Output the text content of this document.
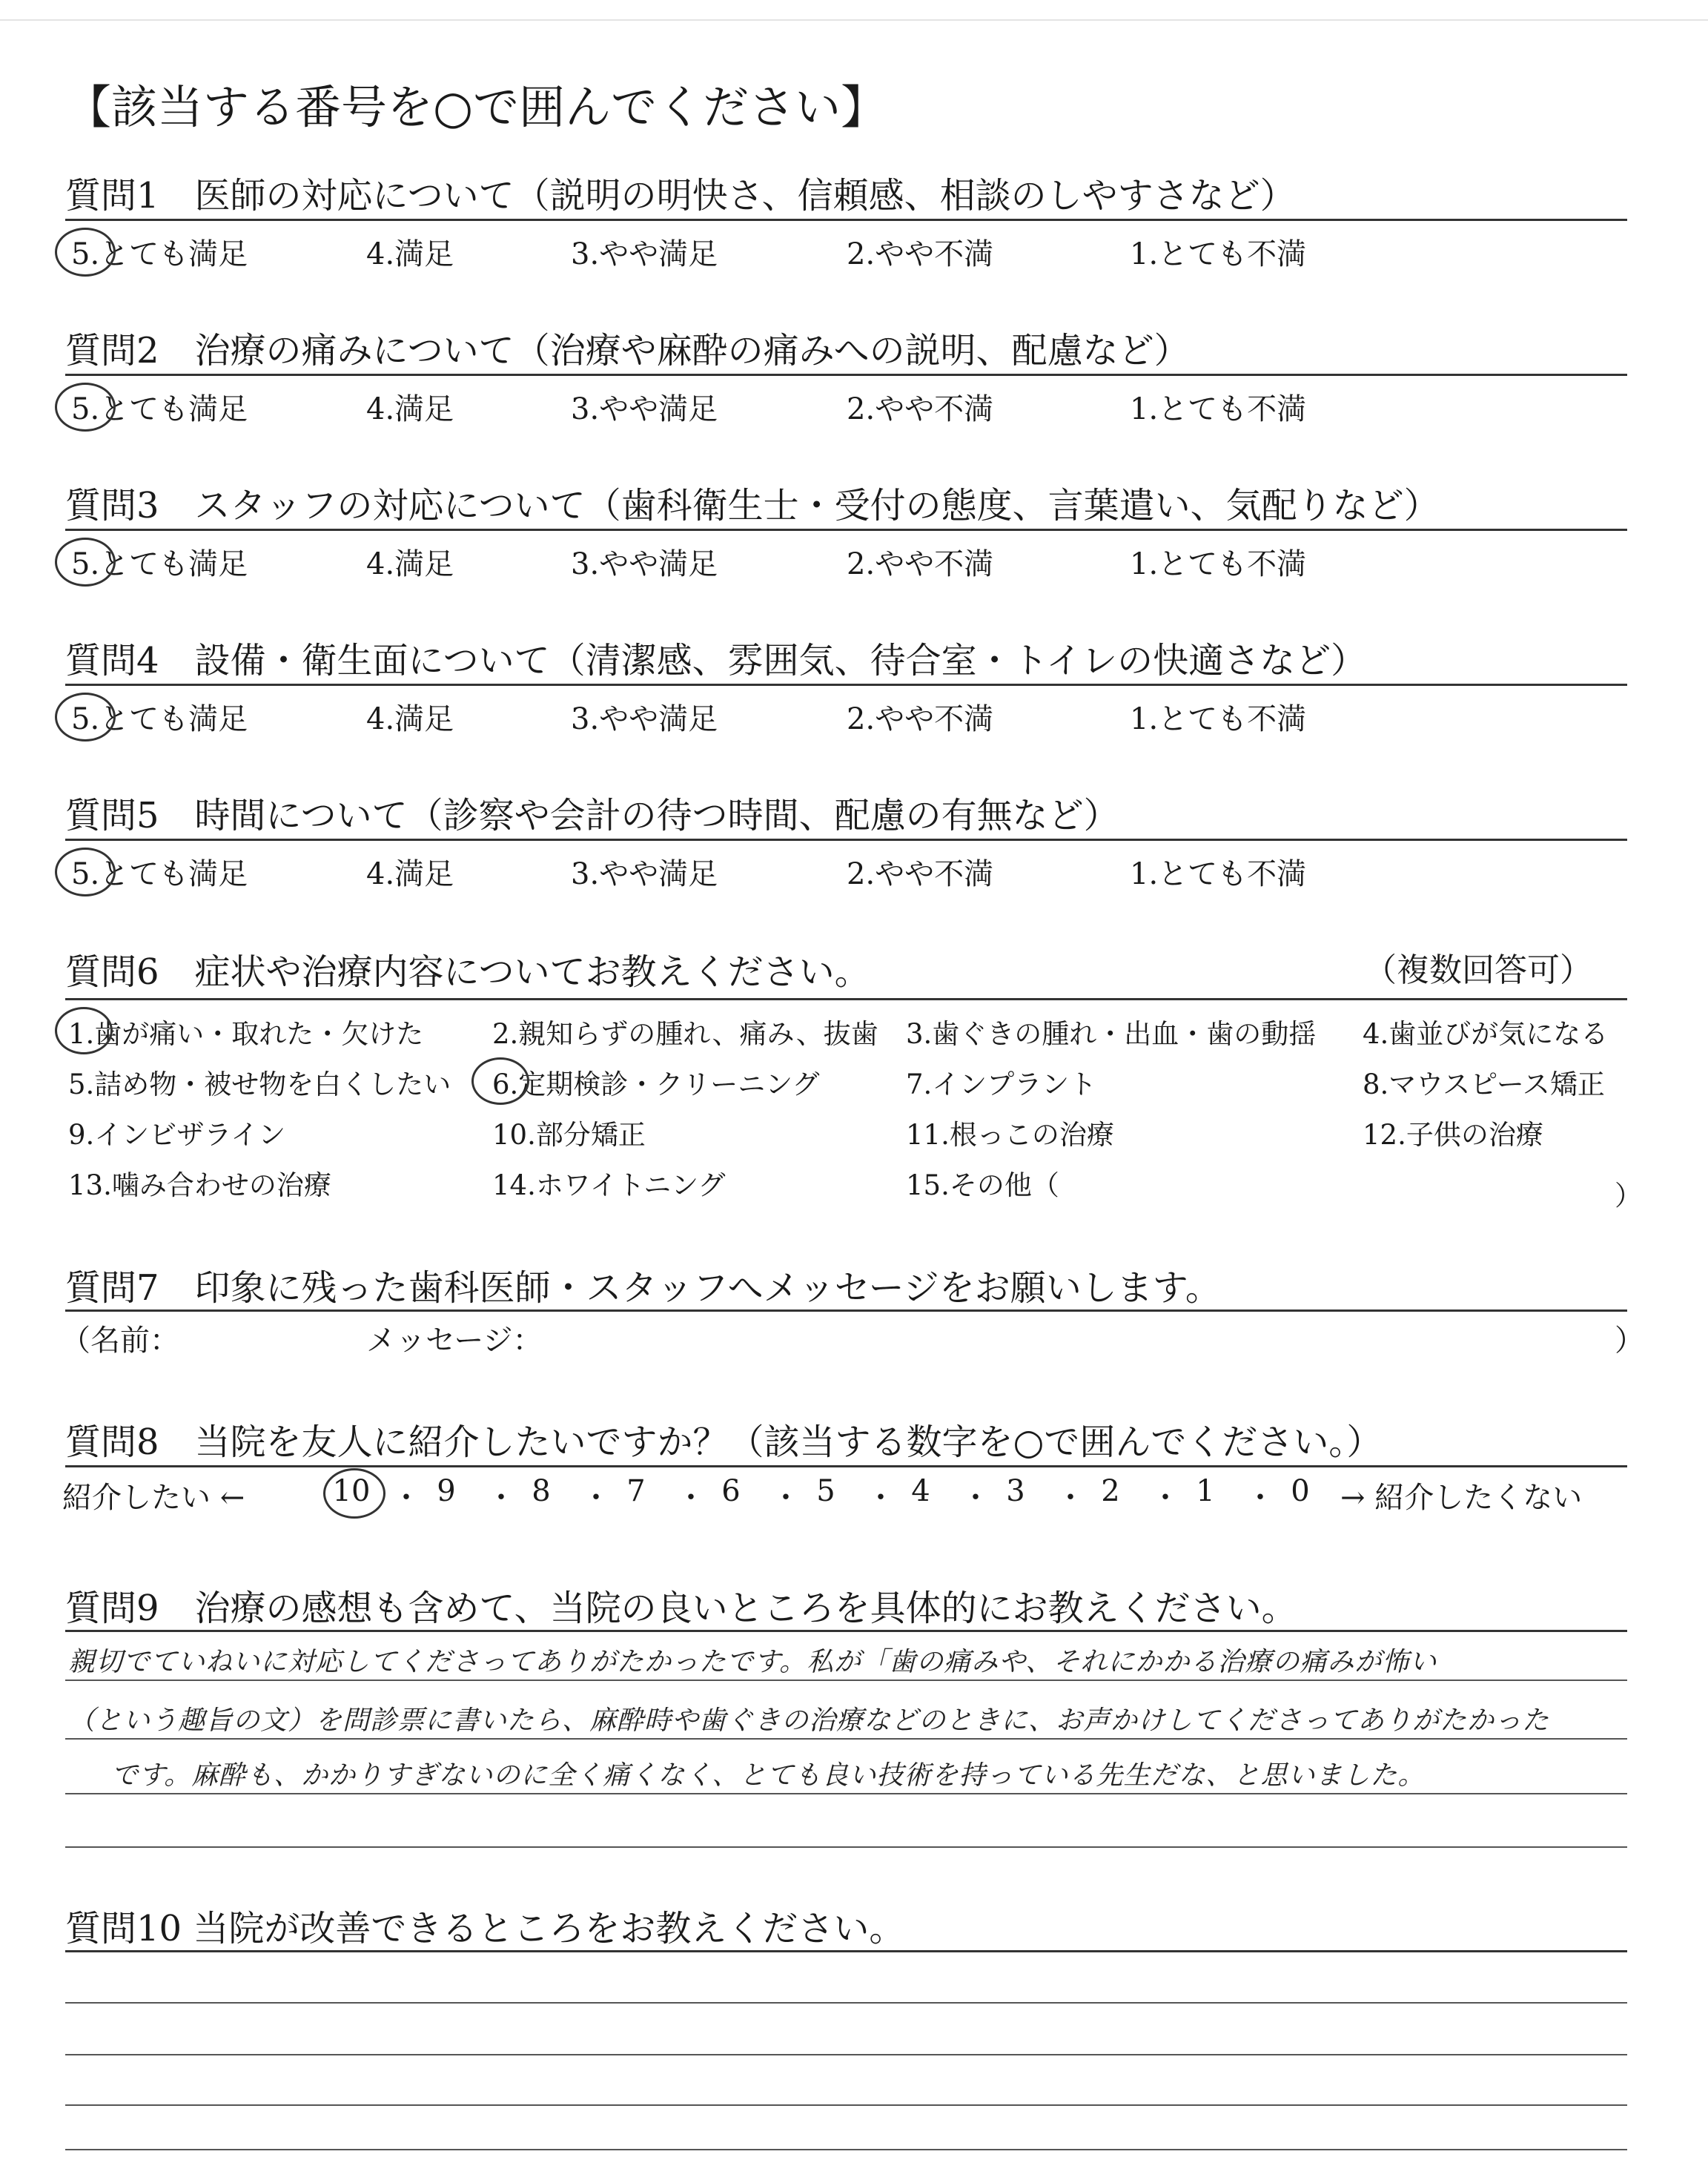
【該当する番号を○で囲んでください】
質問1　医師の対応について（説明の明快さ、信頼感、相談のしやすさなど）
5.とても満足	4.満足	3.やや満足	2.やや不満	1.とても不満
質問2　治療の痛みについて（治療や麻酔の痛みへの説明、配慮など）
5.とても満足	4.満足	3.やや満足	2.やや不満	1.とても不満
質問3　スタッフの対応について（歯科衛生士・受付の態度、言葉遣い、気配りなど）
5.とても満足	4.満足	3.やや満足	2.やや不満	1.とても不満
質問4　設備・衛生面について（清潔感、雰囲気、待合室・トイレの快適さなど）
5.とても満足	4.満足	3.やや満足	2.やや不満	1.とても不満
質問5　時間について（診察や会計の待つ時間、配慮の有無など）
5.とても満足	4.満足	3.やや満足	2.やや不満	1.とても不満
質問6　症状や治療内容についてお教えください。	（複数回答可）
1.歯が痛い・取れた・欠けた	2.親知らずの腫れ、痛み、抜歯 3.歯ぐきの腫れ・出血・歯の動揺 4.歯並びが気になる
5.詰め物・被せ物を白くしたい 6.定期検診・クリーニング	7.インプラント	8.マウスピース矯正
9.インビザライン	10.部分矯正	11.根っこの治療	12.子供の治療
13.噛み合わせの治療	14.ホワイトニング	15.その他（	）
質問7　印象に残った歯科医師・スタッフへメッセージをお願いします。
（名前：	メッセージ：	）
質問8　当院を友人に紹介したいですか？（該当する数字を○で囲んでください。）
紹介したい ←	10 ・ 9	・ 8	・ 7	・ 6	・ 5	・ 4	・ 3	・ 2	・ 1	・ 0	→ 紹介したくない
質問9　治療の感想も含めて、当院の良いところを具体的にお教えください。
親切でていねいに対応してくださってありがたかったです。私が「歯の痛みや、それにかかる治療の痛みが怖い
（という趣旨の文）を問診票に書いたら、麻酔時や歯ぐきの治療などのときに、お声かけしてくださってありがたかった
です。麻酔も、かかりすぎないのに全く痛くなく、とても良い技術を持っている先生だな、と思いました。
質問10 当院が改善できるところをお教えください。
